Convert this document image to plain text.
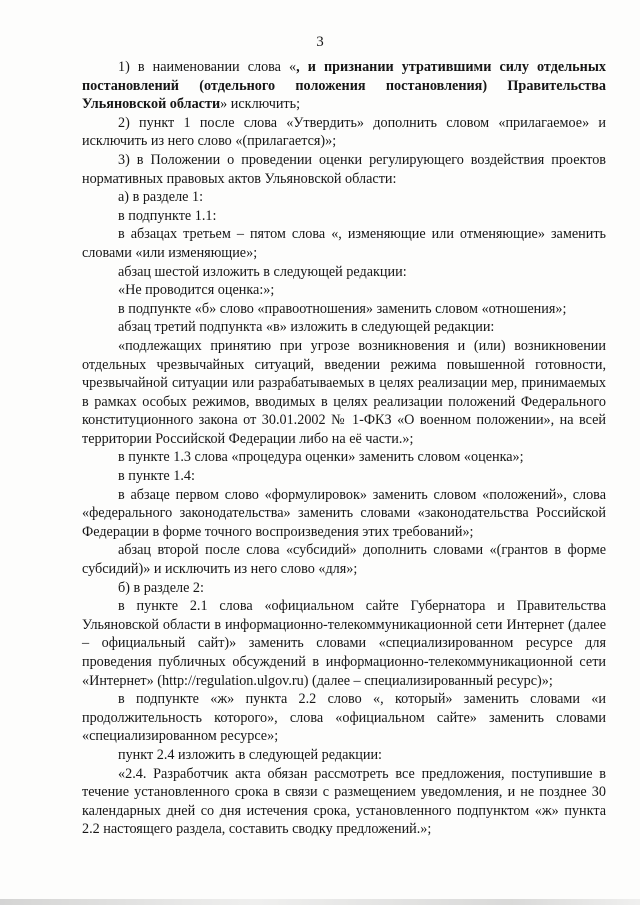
3

1) в наименовании слова «, и признании утратившими силу отдельных постановлений (отдельного положения постановления) Правительства Ульяновской области» исключить;

2) пункт 1 после слова «Утвердить» дополнить словом «прилагаемое» и исключить из него слово «(прилагается)»;

3) в Положении о проведении оценки регулирующего воздействия проектов нормативных правовых актов Ульяновской области:

а) в разделе 1:

в подпункте 1.1:

в абзацах третьем – пятом слова «, изменяющие или отменяющие» заменить словами «или изменяющие»;

абзац шестой изложить в следующей редакции:

«Не проводится оценка:»;

в подпункте «б» слово «правоотношения» заменить словом «отношения»;

абзац третий подпункта «в» изложить в следующей редакции:

«подлежащих принятию при угрозе возникновения и (или) возникновении отдельных чрезвычайных ситуаций, введении режима повышенной готовности, чрезвычайной ситуации или разрабатываемых в целях реализации мер, принимаемых в рамках особых режимов, вводимых в целях реализации положений Федерального конституционного закона от 30.01.2002 № 1-ФКЗ «О военном положении», на всей территории Российской Федерации либо на её части.»;

в пункте 1.3 слова «процедура оценки» заменить словом «оценка»;

в пункте 1.4:

в абзаце первом слово «формулировок» заменить словом «положений», слова «федерального законодательства» заменить словами «законодательства Российской Федерации в форме точного воспроизведения этих требований»;

абзац второй после слова «субсидий» дополнить словами «(грантов в форме субсидий)» и исключить из него слово «для»;

б) в разделе 2:

в пункте 2.1 слова «официальном сайте Губернатора и Правительства Ульяновской области в информационно-телекоммуникационной сети Интернет (далее – официальный сайт)» заменить словами «специализированном ресурсе для проведения публичных обсуждений в информационно-телекоммуникационной сети «Интернет» (http://regulation.ulgov.ru) (далее – специализированный ресурс)»;

в подпункте «ж» пункта 2.2 слово «, который» заменить словами «и продолжительность которого», слова «официальном сайте» заменить словами «специализированном ресурсе»;

пункт 2.4 изложить в следующей редакции:

«2.4. Разработчик акта обязан рассмотреть все предложения, поступившие в течение установленного срока в связи с размещением уведомления, и не позднее 30 календарных дней со дня истечения срока, установленного подпунктом «ж» пункта 2.2 настоящего раздела, составить сводку предложений.»;
